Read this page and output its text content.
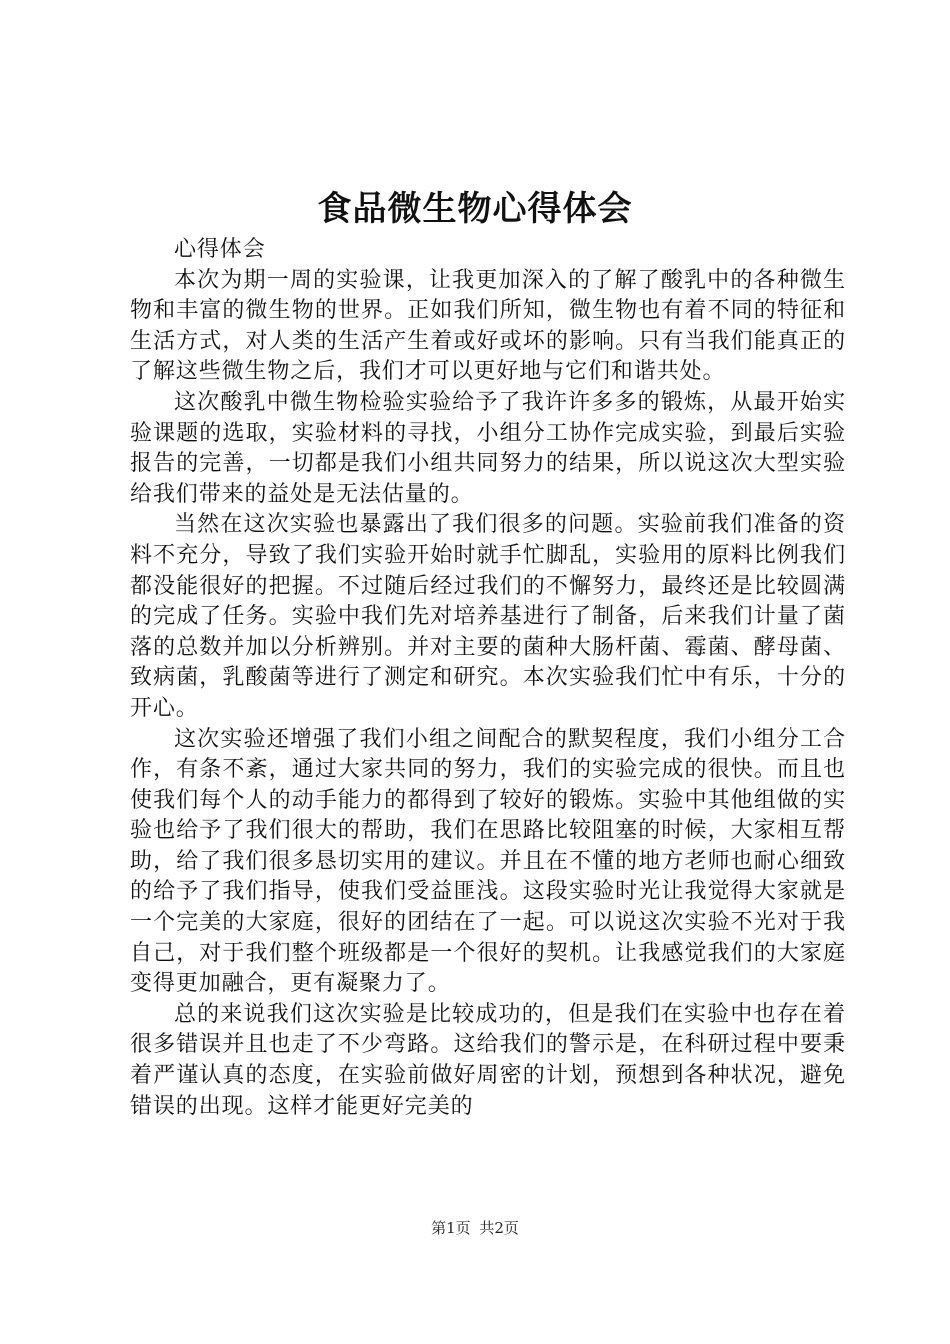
食品微生物心得体会

心得体会

本次为期一周的实验课，让我更加深入的了解了酸乳中的各种微生物和丰富的微生物的世界。正如我们所知，微生物也有着不同的特征和生活方式，对人类的生活产生着或好或坏的影响。只有当我们能真正的了解这些微生物之后，我们才可以更好地与它们和谐共处。

这次酸乳中微生物检验实验给予了我许许多多的锻炼，从最开始实验课题的选取，实验材料的寻找，小组分工协作完成实验，到最后实验报告的完善，一切都是我们小组共同努力的结果，所以说这次大型实验给我们带来的益处是无法估量的。

当然在这次实验也暴露出了我们很多的问题。实验前我们准备的资料不充分，导致了我们实验开始时就手忙脚乱，实验用的原料比例我们都没能很好的把握。不过随后经过我们的不懈努力，最终还是比较圆满的完成了任务。实验中我们先对培养基进行了制备，后来我们计量了菌落的总数并加以分析辨别。并对主要的菌种大肠杆菌、霉菌、酵母菌、致病菌，乳酸菌等进行了测定和研究。本次实验我们忙中有乐，十分的开心。

这次实验还增强了我们小组之间配合的默契程度，我们小组分工合作，有条不紊，通过大家共同的努力，我们的实验完成的很快。而且也使我们每个人的动手能力的都得到了较好的锻炼。实验中其他组做的实验也给予了我们很大的帮助，我们在思路比较阻塞的时候，大家相互帮助，给了我们很多恳切实用的建议。并且在不懂的地方老师也耐心细致的给予了我们指导，使我们受益匪浅。这段实验时光让我觉得大家就是一个完美的大家庭，很好的团结在了一起。可以说这次实验不光对于我自己，对于我们整个班级都是一个很好的契机。让我感觉我们的大家庭变得更加融合，更有凝聚力了。

总的来说我们这次实验是比较成功的，但是我们在实验中也存在着很多错误并且也走了不少弯路。这给我们的警示是，在科研过程中要秉着严谨认真的态度，在实验前做好周密的计划，预想到各种状况，避免错误的出现。这样才能更好完美的

第1页 共2页
